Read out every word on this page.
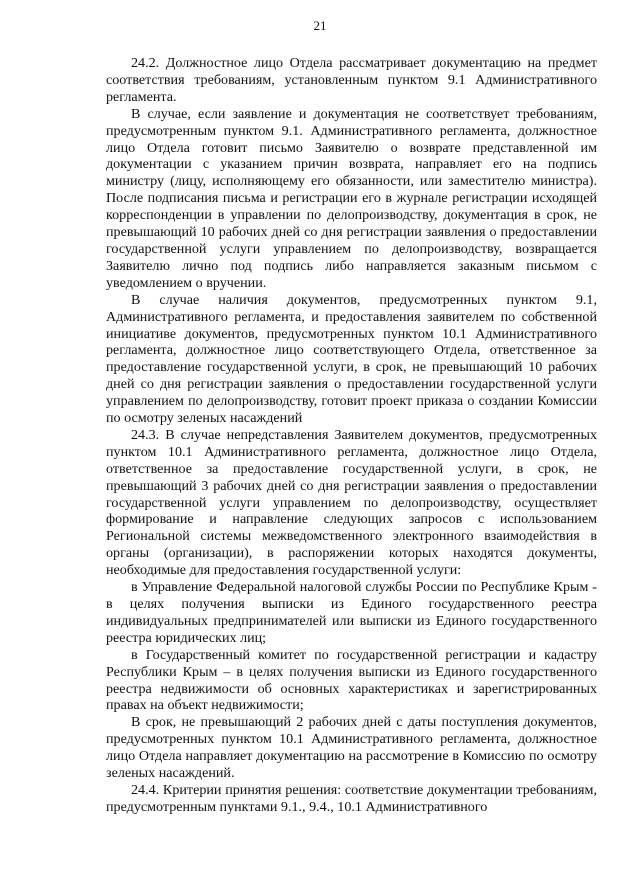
21

24.2. Должностное лицо Отдела рассматривает документацию на предмет соответствия требованиям, установленным пунктом 9.1 Административного регламента.

В случае, если заявление и документация не соответствует требованиям, предусмотренным пунктом 9.1. Административного регламента, должностное лицо Отдела готовит письмо Заявителю о возврате представленной им документации с указанием причин возврата, направляет его на подпись министру (лицу, исполняющему его обязанности, или заместителю министра). После подписания письма и регистрации его в журнале регистрации исходящей корреспонденции в управлении по делопроизводству, документация в срок, не превышающий 10 рабочих дней со дня регистрации заявления о предоставлении государственной услуги управлением по делопроизводству, возвращается Заявителю лично под подпись либо направляется заказным письмом с уведомлением о вручении.

В случае наличия документов, предусмотренных пунктом 9.1, Административного регламента, и предоставления заявителем по собственной инициативе документов, предусмотренных пунктом 10.1 Административного регламента, должностное лицо соответствующего Отдела, ответственное за предоставление государственной услуги, в срок, не превышающий 10 рабочих дней со дня регистрации заявления о предоставлении государственной услуги управлением по делопроизводству, готовит проект приказа о создании Комиссии по осмотру зеленых насаждений

24.3. В случае непредставления Заявителем документов, предусмотренных пунктом 10.1 Административного регламента, должностное лицо Отдела, ответственное за предоставление государственной услуги, в срок, не превышающий 3 рабочих дней со дня регистрации заявления о предоставлении государственной услуги управлением по делопроизводству, осуществляет формирование и направление следующих запросов с использованием Региональной системы межведомственного электронного взаимодействия в органы (организации), в распоряжении которых находятся документы, необходимые для предоставления государственной услуги:

в Управление Федеральной налоговой службы России по Республике Крым - в целях получения выписки из Единого государственного реестра индивидуальных предпринимателей или выписки из Единого государственного реестра юридических лиц;

в Государственный комитет по государственной регистрации и кадастру Республики Крым – в целях получения выписки из Единого государственного реестра недвижимости об основных характеристиках и зарегистрированных правах на объект недвижимости;

В срок, не превышающий 2 рабочих дней с даты поступления документов, предусмотренных пунктом 10.1 Административного регламента, должностное лицо Отдела направляет документацию на рассмотрение в Комиссию по осмотру зеленых насаждений.

24.4. Критерии принятия решения: соответствие документации требованиям, предусмотренным пунктами 9.1., 9.4., 10.1 Административного
